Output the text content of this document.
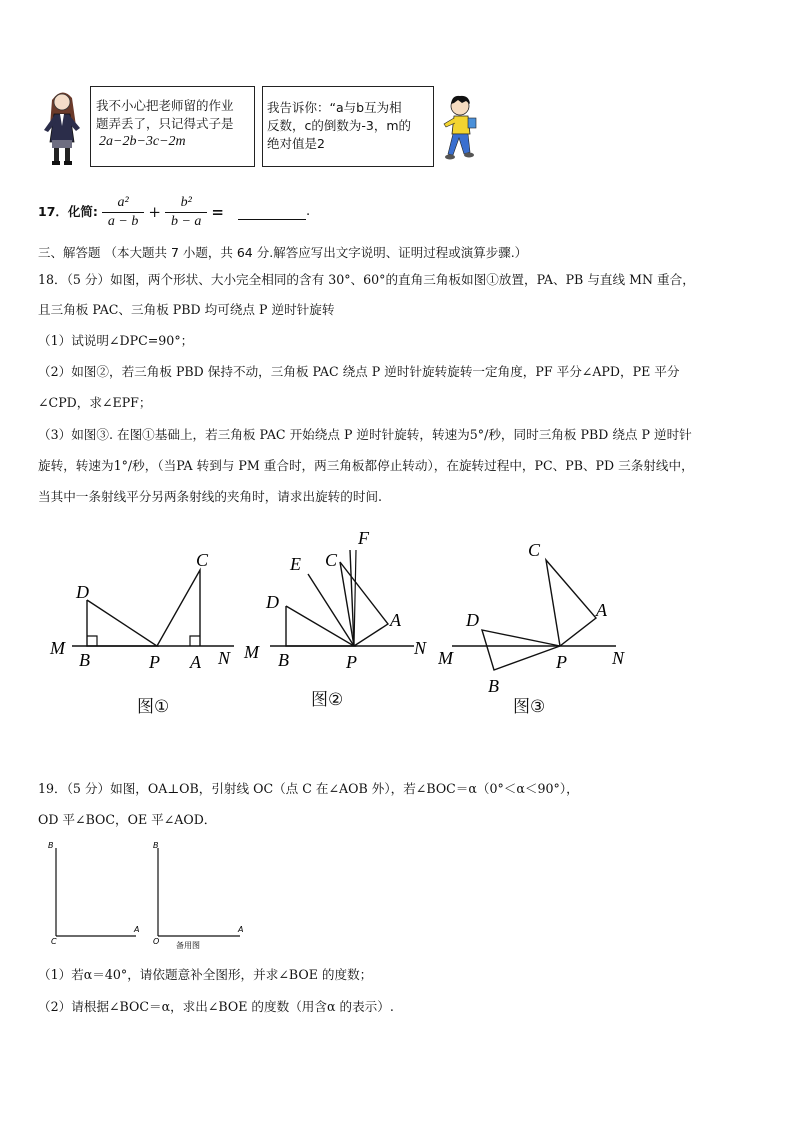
我不小心把老师留的作业
题弄丢了，只记得式子是
2a−2b−3c−2m
我告诉你：“a与b互为相
反数，c的倒数为-3，m的
绝对值是2
17．化简: $\frac{\text{a²}}{a - b} + \frac{\text{b²}}{b - a}$ =	.
三、解答题 （本大题共 7 小题，共 64 分.解答应写出文字说明、证明过程或演算步骤.）
18．（5 分）如图，两个形状、大小完全相同的含有 30°、60°的直角三角板如图①放置，PA、PB 与直线 MN 重合，
且三角板 PAC、三角板 PBD 均可绕点 P 逆时针旋转
（1）试说明∠DPC=90°；
（2）如图②，若三角板 PBD 保持不动，三角板 PAC 绕点 P 逆时针旋转旋转一定角度，PF 平分∠APD，PE 平分
∠CPD，求∠EPF；
（3）如图③. 在图①基础上，若三角板 PAC 开始绕点 P 逆时针旋转，转速为5°/秒，同时三角板 PBD 绕点 P 逆时针
旋转，转速为1°/秒，（当PA 转到与 PM 重合时，两三角板都停止转动），在旋转过程中，PC、PB、PD 三条射线中，
当其中一条射线平分另两条射线的夹角时，请求出旋转的时间.
M
D
B	P
C
A N
图①
M
D
B	P
E C
F
A
N
图②
M
D
B
P
C
A
N
图③
19．（5 分）如图，OA⊥OB，引射线 OC（点 C 在∠AOB 外），若∠BOC＝α（0°＜α＜90°），
OD 平∠BOC，OE 平∠AOD．
B
A
C
B
A
O 备用图
（1）若α＝40°，请依题意补全图形，并求∠BOE 的度数；
（2）请根据∠BOC＝α，求出∠BOE 的度数（用含α 的表示）.
